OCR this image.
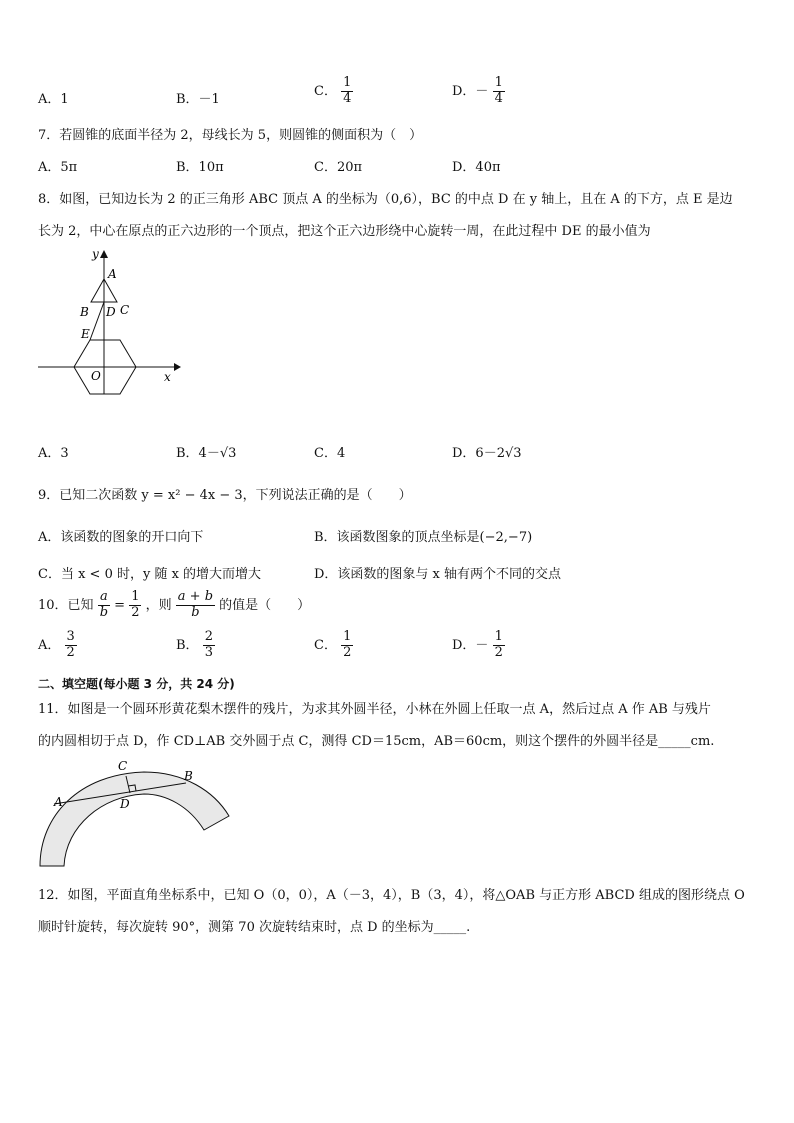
A．1	B．－1
C． $\frac{1}{4}$	D．－ $\frac{1}{4}$
7．若圆锥的底面半径为 2，母线长为 5，则圆锥的侧面积为（　）
A．5π	B．10π	C．20π	D．40π
8．如图，已知边长为 2 的正三角形 ABC 顶点 A 的坐标为（0,6），BC 的中点 D 在 y 轴上，且在 A 的下方，点 E 是边
长为 2，中心在原点的正六边形的一个顶点，把这个正六边形绕中心旋转一周，在此过程中 DE 的最小值为
y
A
B D C
E
O	x
A．3	B．4－√3	C．4	D．6－2√3
9．已知二次函数 y = x² − 4x − 3，下列说法正确的是（　　）
A．该函数的图象的开口向下	B．该函数图象的顶点坐标是(−2,−7)
C．当 x < 0 时，y 随 x 的增大而增大	D．该函数的图象与 x 轴有两个不同的交点
10．已知 $\frac{a}{b} = \frac{1}{2}$ ，则 $\frac{a + b}{b}$ 的值是（　　）
A． $\frac{3}{2}$	B． $\frac{2}{3}$	C． $\frac{1}{2}$	D．－ $\frac{1}{2}$
二、填空题(每小题 3 分，共 24 分)
11．如图是一个圆环形黄花梨木摆件的残片，为求其外圆半径，小林在外圆上任取一点 A，然后过点 A 作 AB 与残片
的内圆相切于点 D，作 CD⊥AB 交外圆于点 C，测得 CD＝15cm，AB＝60cm，则这个摆件的外圆半径是_____cm.
A
B
C
D
12．如图，平面直角坐标系中，已知 O（0，0），A（－3，4），B（3，4），将△OAB 与正方形 ABCD 组成的图形绕点 O
顺时针旋转，每次旋转 90°，测第 70 次旋转结束时，点 D 的坐标为_____.
